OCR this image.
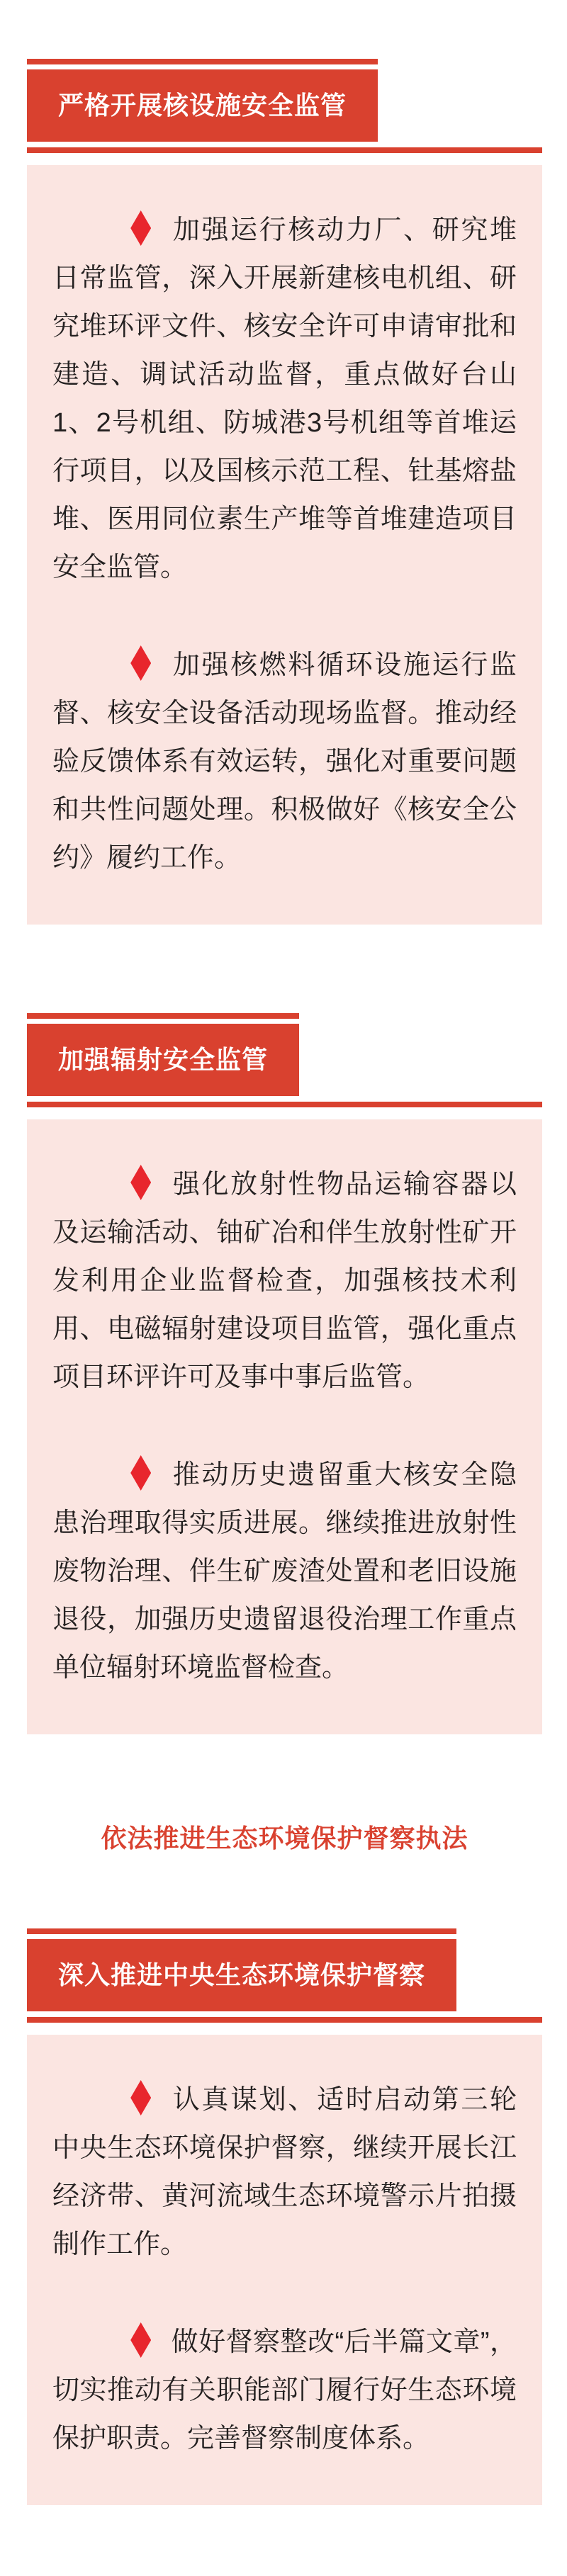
严格开展核设施安全监管

加强运行核动力厂、研究堆日常监管，深入开展新建核电机组、研究堆环评文件、核安全许可申请审批和建造、调试活动监督，重点做好台山1、2号机组、防城港3号机组等首堆运行项目，以及国核示范工程、钍基熔盐堆、医用同位素生产堆等首堆建造项目安全监管。

加强核燃料循环设施运行监督、核安全设备活动现场监督。推动经验反馈体系有效运转，强化对重要问题和共性问题处理。积极做好《核安全公约》履约工作。

加强辐射安全监管

强化放射性物品运输容器以及运输活动、铀矿冶和伴生放射性矿开发利用企业监督检查，加强核技术利用、电磁辐射建设项目监管，强化重点项目环评许可及事中事后监管。

推动历史遗留重大核安全隐患治理取得实质进展。继续推进放射性废物治理、伴生矿废渣处置和老旧设施退役，加强历史遗留退役治理工作重点单位辐射环境监督检查。

依法推进生态环境保护督察执法
深入推进中央生态环境保护督察

认真谋划、适时启动第三轮中央生态环境保护督察，继续开展长江经济带、黄河流域生态环境警示片拍摄制作工作。

做好督察整改“后半篇文章”，切实推动有关职能部门履行好生态环境保护职责。完善督察制度体系。
